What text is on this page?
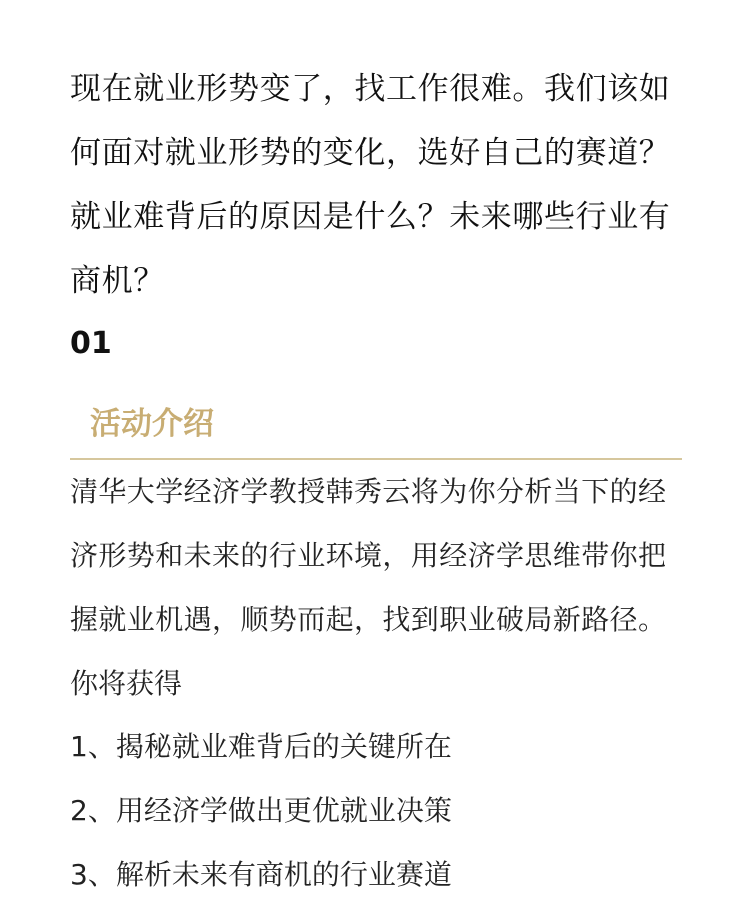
现在就业形势变了，找工作很难。我们该如何面对就业形势的变化，选好自己的赛道？就业难背后的原因是什么？未来哪些行业有商机？

01

活动介绍

清华大学经济学教授韩秀云将为你分析当下的经济形势和未来的行业环境，用经济学思维带你把握就业机遇，顺势而起，找到职业破局新路径。

你将获得

1、揭秘就业难背后的关键所在
2、用经济学做出更优就业决策
3、解析未来有商机的行业赛道
